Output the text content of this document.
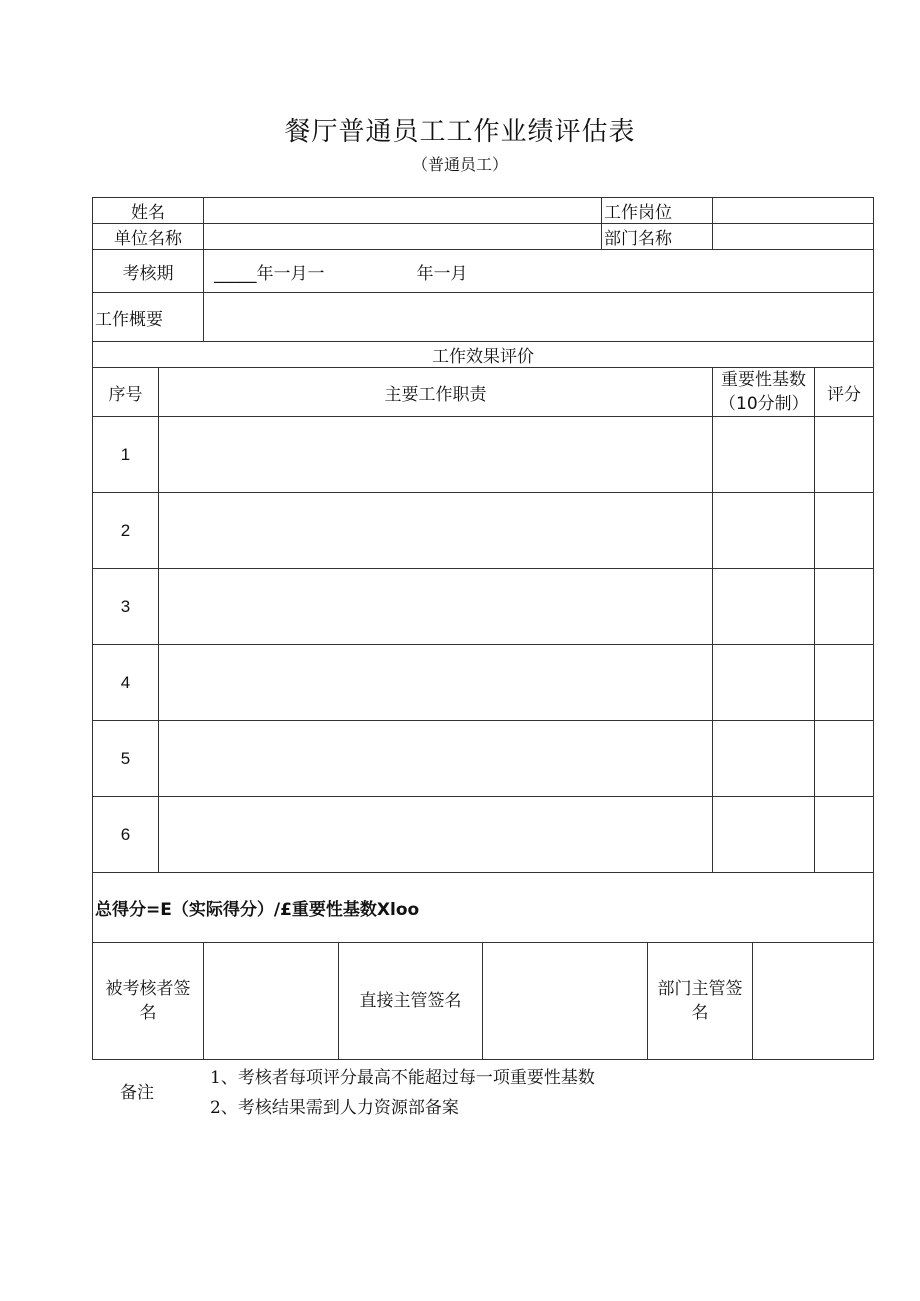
餐厅普通员工工作业绩评估表
（普通员工）

姓名						工作岗位					
单位名称						部门名称					
考核期		_____年一月一 年一月									
工作概要											
工作效果评价											
序号	主要工作职责							重要性基数（10分制）			评分
1											
2											
3											
4											
5											
6											
总得分=E（实际得分）/£重要性基数Xloo											
被考核者签名			直接主管签名				部门主管签名				
备注
1、考核者每项评分最高不能超过每一项重要性基数
2、考核结果需到人力资源部备案
